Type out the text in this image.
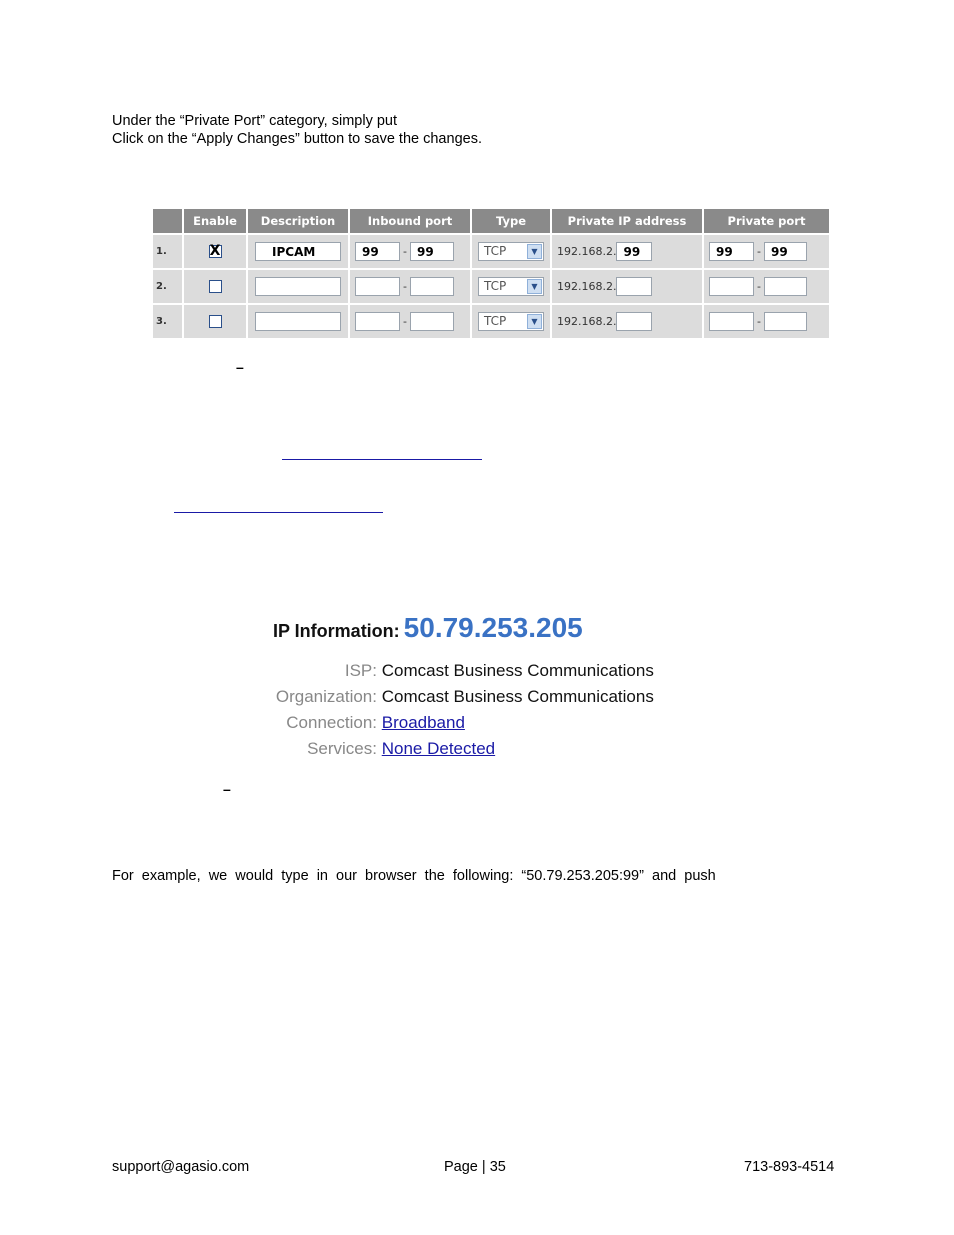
Under the “Private Port” category, simply put
Click on the “Apply Changes” button to save the changes.
	Enable	Description	Inbound port	Type	Private IP address	Private port
1.	X	IPCAM	99 - 99	TCP ▼	192.168.2. 99	99 - 99
2.			-	TCP ▼	192.168.2.	-
3.			-	TCP ▼	192.168.2.	-
–
IP Information: 50.79.253.205
ISP: Comcast Business Communications
Organization: Comcast Business Communications
Connection: Broadband
Services: None Detected
–
For  example,  we  would  type  in  our  browser  the  following:  “50.79.253.205:99”  and  push
support@agasio.com	Page | 35	713-893-4514
